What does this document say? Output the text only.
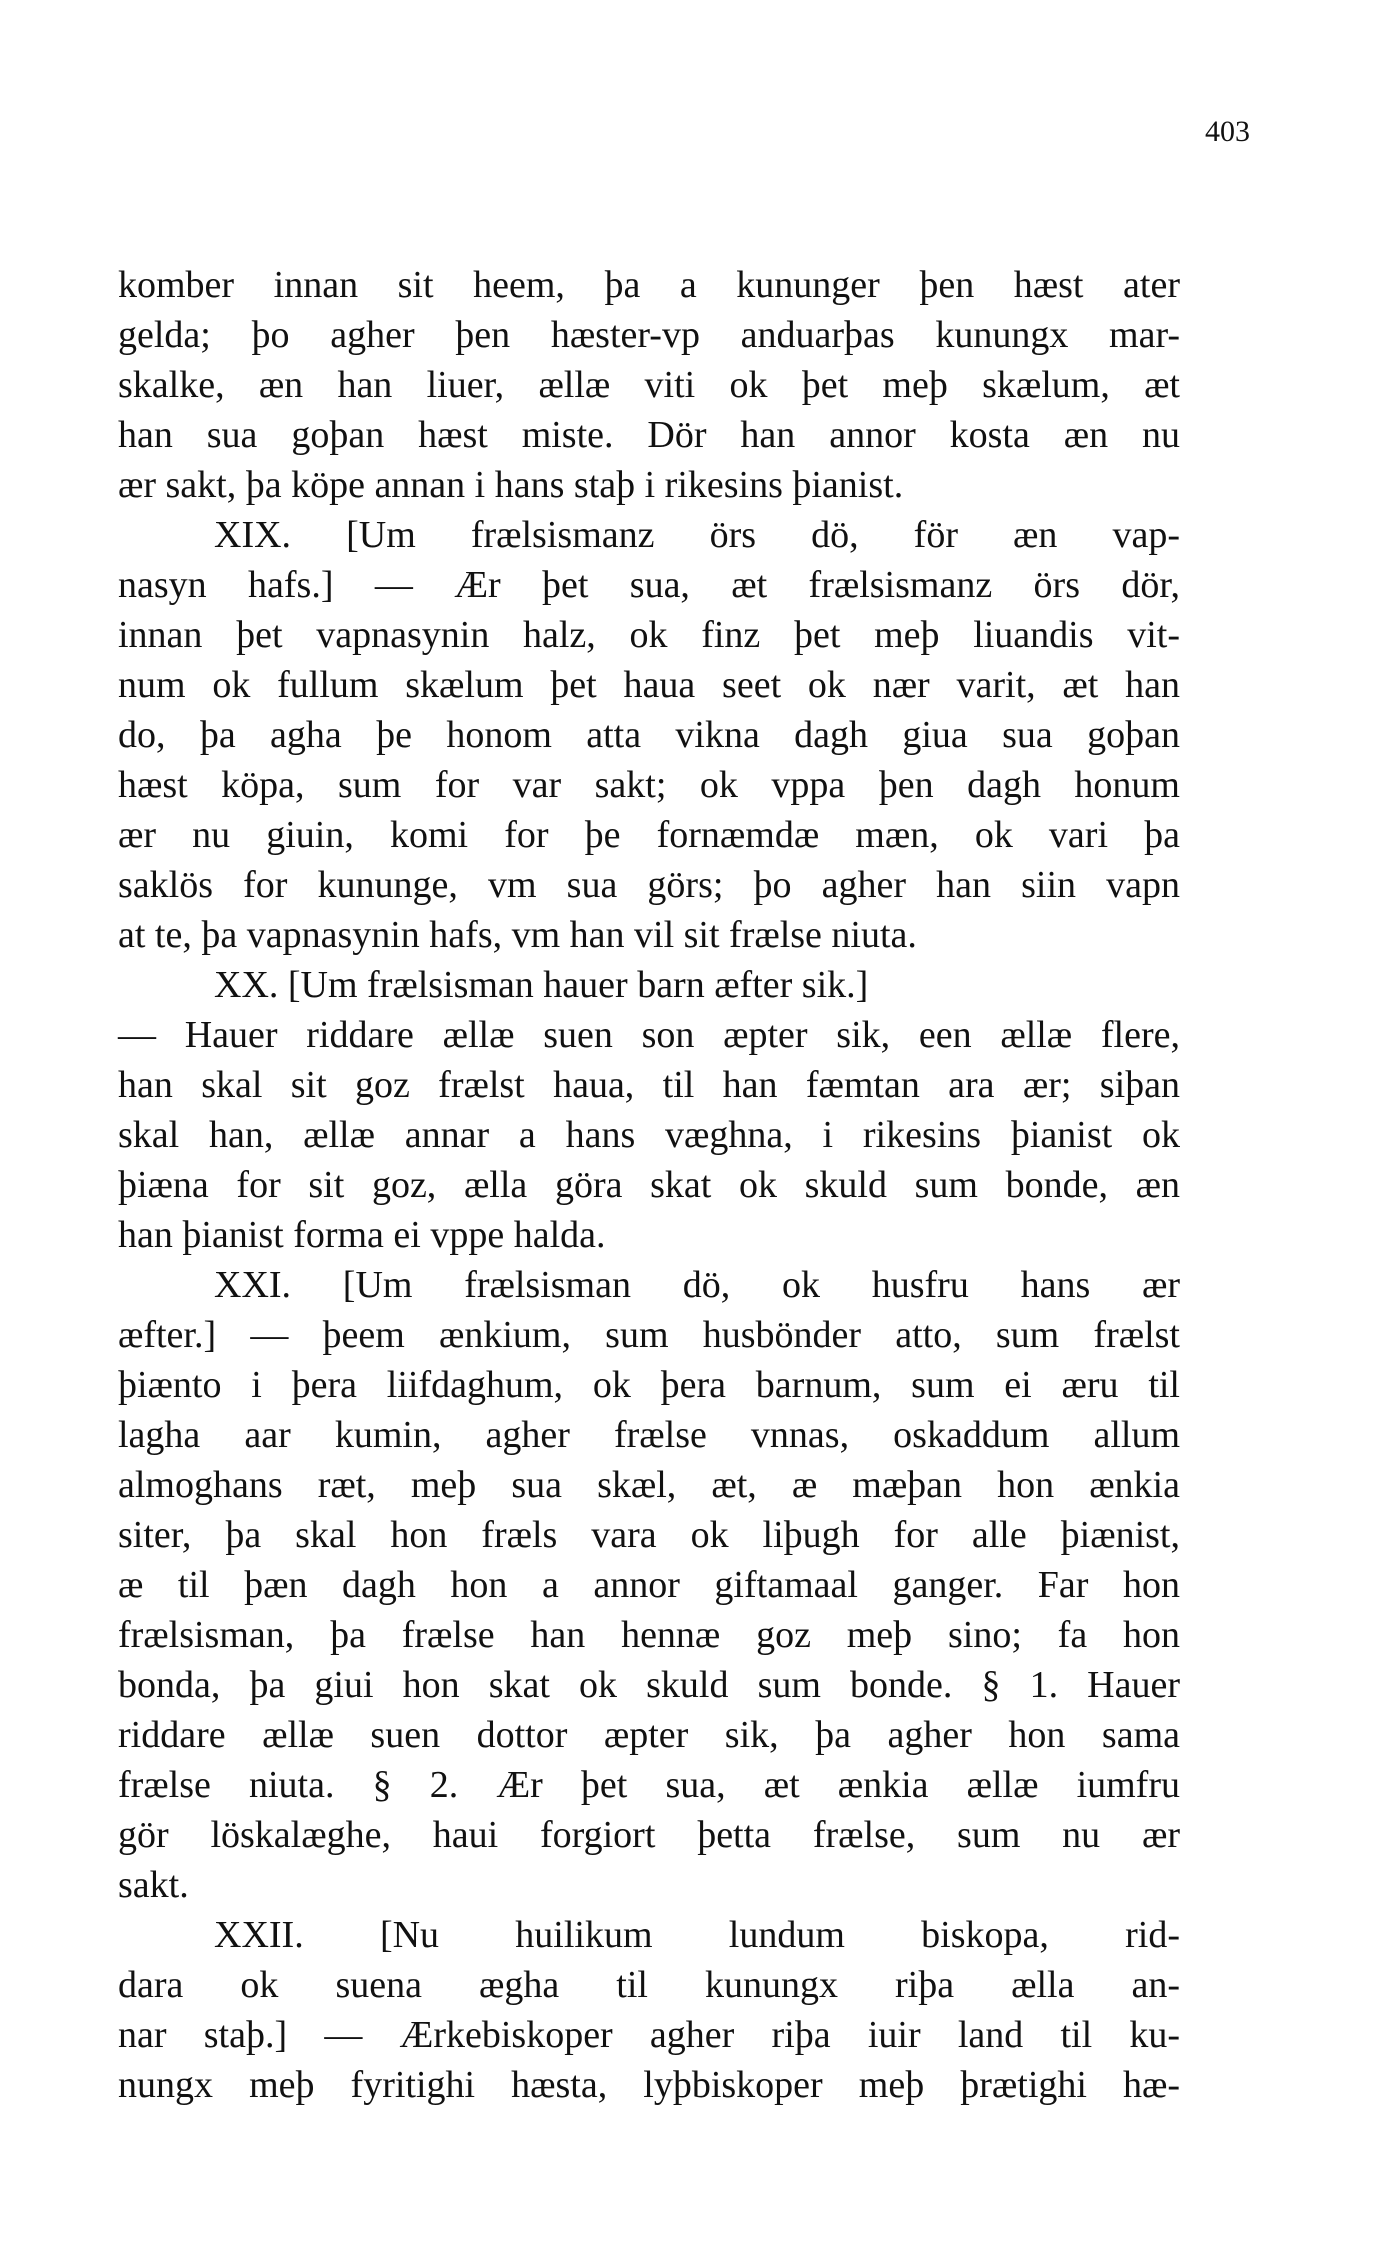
403
komber innan sit heem, þa a kununger þen hæst ater
gelda; þo agher þen hæster-vp anduarþas kunungx mar-
skalke, æn han liuer, ællæ viti ok þet meþ skælum, æt
han sua goþan hæst miste. Dör han annor kosta æn nu
ær sakt, þa köpe annan i hans staþ i rikesins þianist.
XIX. [Um frælsismanz örs dö, för æn vap-
nasyn hafs.] — Ær þet sua, æt frælsismanz örs dör,
innan þet vapnasynin halz, ok finz þet meþ liuandis vit-
num ok fullum skælum þet haua seet ok nær varit, æt han
do, þa agha þe honom atta vikna dagh giua sua goþan
hæst köpa, sum for var sakt; ok vppa þen dagh honum
ær nu giuin, komi for þe fornæmdæ mæn, ok vari þa
saklös for kununge, vm sua görs; þo agher han siin vapn
at te, þa vapnasynin hafs, vm han vil sit frælse niuta.
XX. [Um frælsisman hauer barn æfter sik.]
— Hauer riddare ællæ suen son æpter sik, een ællæ flere,
han skal sit goz frælst haua, til han fæmtan ara ær; siþan
skal han, ællæ annar a hans væghna, i rikesins þianist ok
þiæna for sit goz, ælla göra skat ok skuld sum bonde, æn
han þianist forma ei vppe halda.
XXI. [Um frælsisman dö, ok husfru hans ær
æfter.] — þeem ænkium, sum husbönder atto, sum frælst
þiænto i þera liifdaghum, ok þera barnum, sum ei æru til
lagha aar kumin, agher frælse vnnas, oskaddum allum
almoghans ræt, meþ sua skæl, æt, æ mæþan hon ænkia
siter, þa skal hon fræls vara ok liþugh for alle þiænist,
æ til þæn dagh hon a annor giftamaal ganger. Far hon
frælsisman, þa frælse han hennæ goz meþ sino; fa hon
bonda, þa giui hon skat ok skuld sum bonde. § 1. Hauer
riddare ællæ suen dottor æpter sik, þa agher hon sama
frælse niuta. § 2. Ær þet sua, æt ænkia ællæ iumfru
gör löskalæghe, haui forgiort þetta frælse, sum nu ær
sakt.
XXII. [Nu huilikum lundum biskopa, rid-
dara ok suena ægha til kunungx riþa ælla an-
nar staþ.] — Ærkebiskoper agher riþa iuir land til ku-
nungx meþ fyritighi hæsta, lyþbiskoper meþ þrætighi hæ-
